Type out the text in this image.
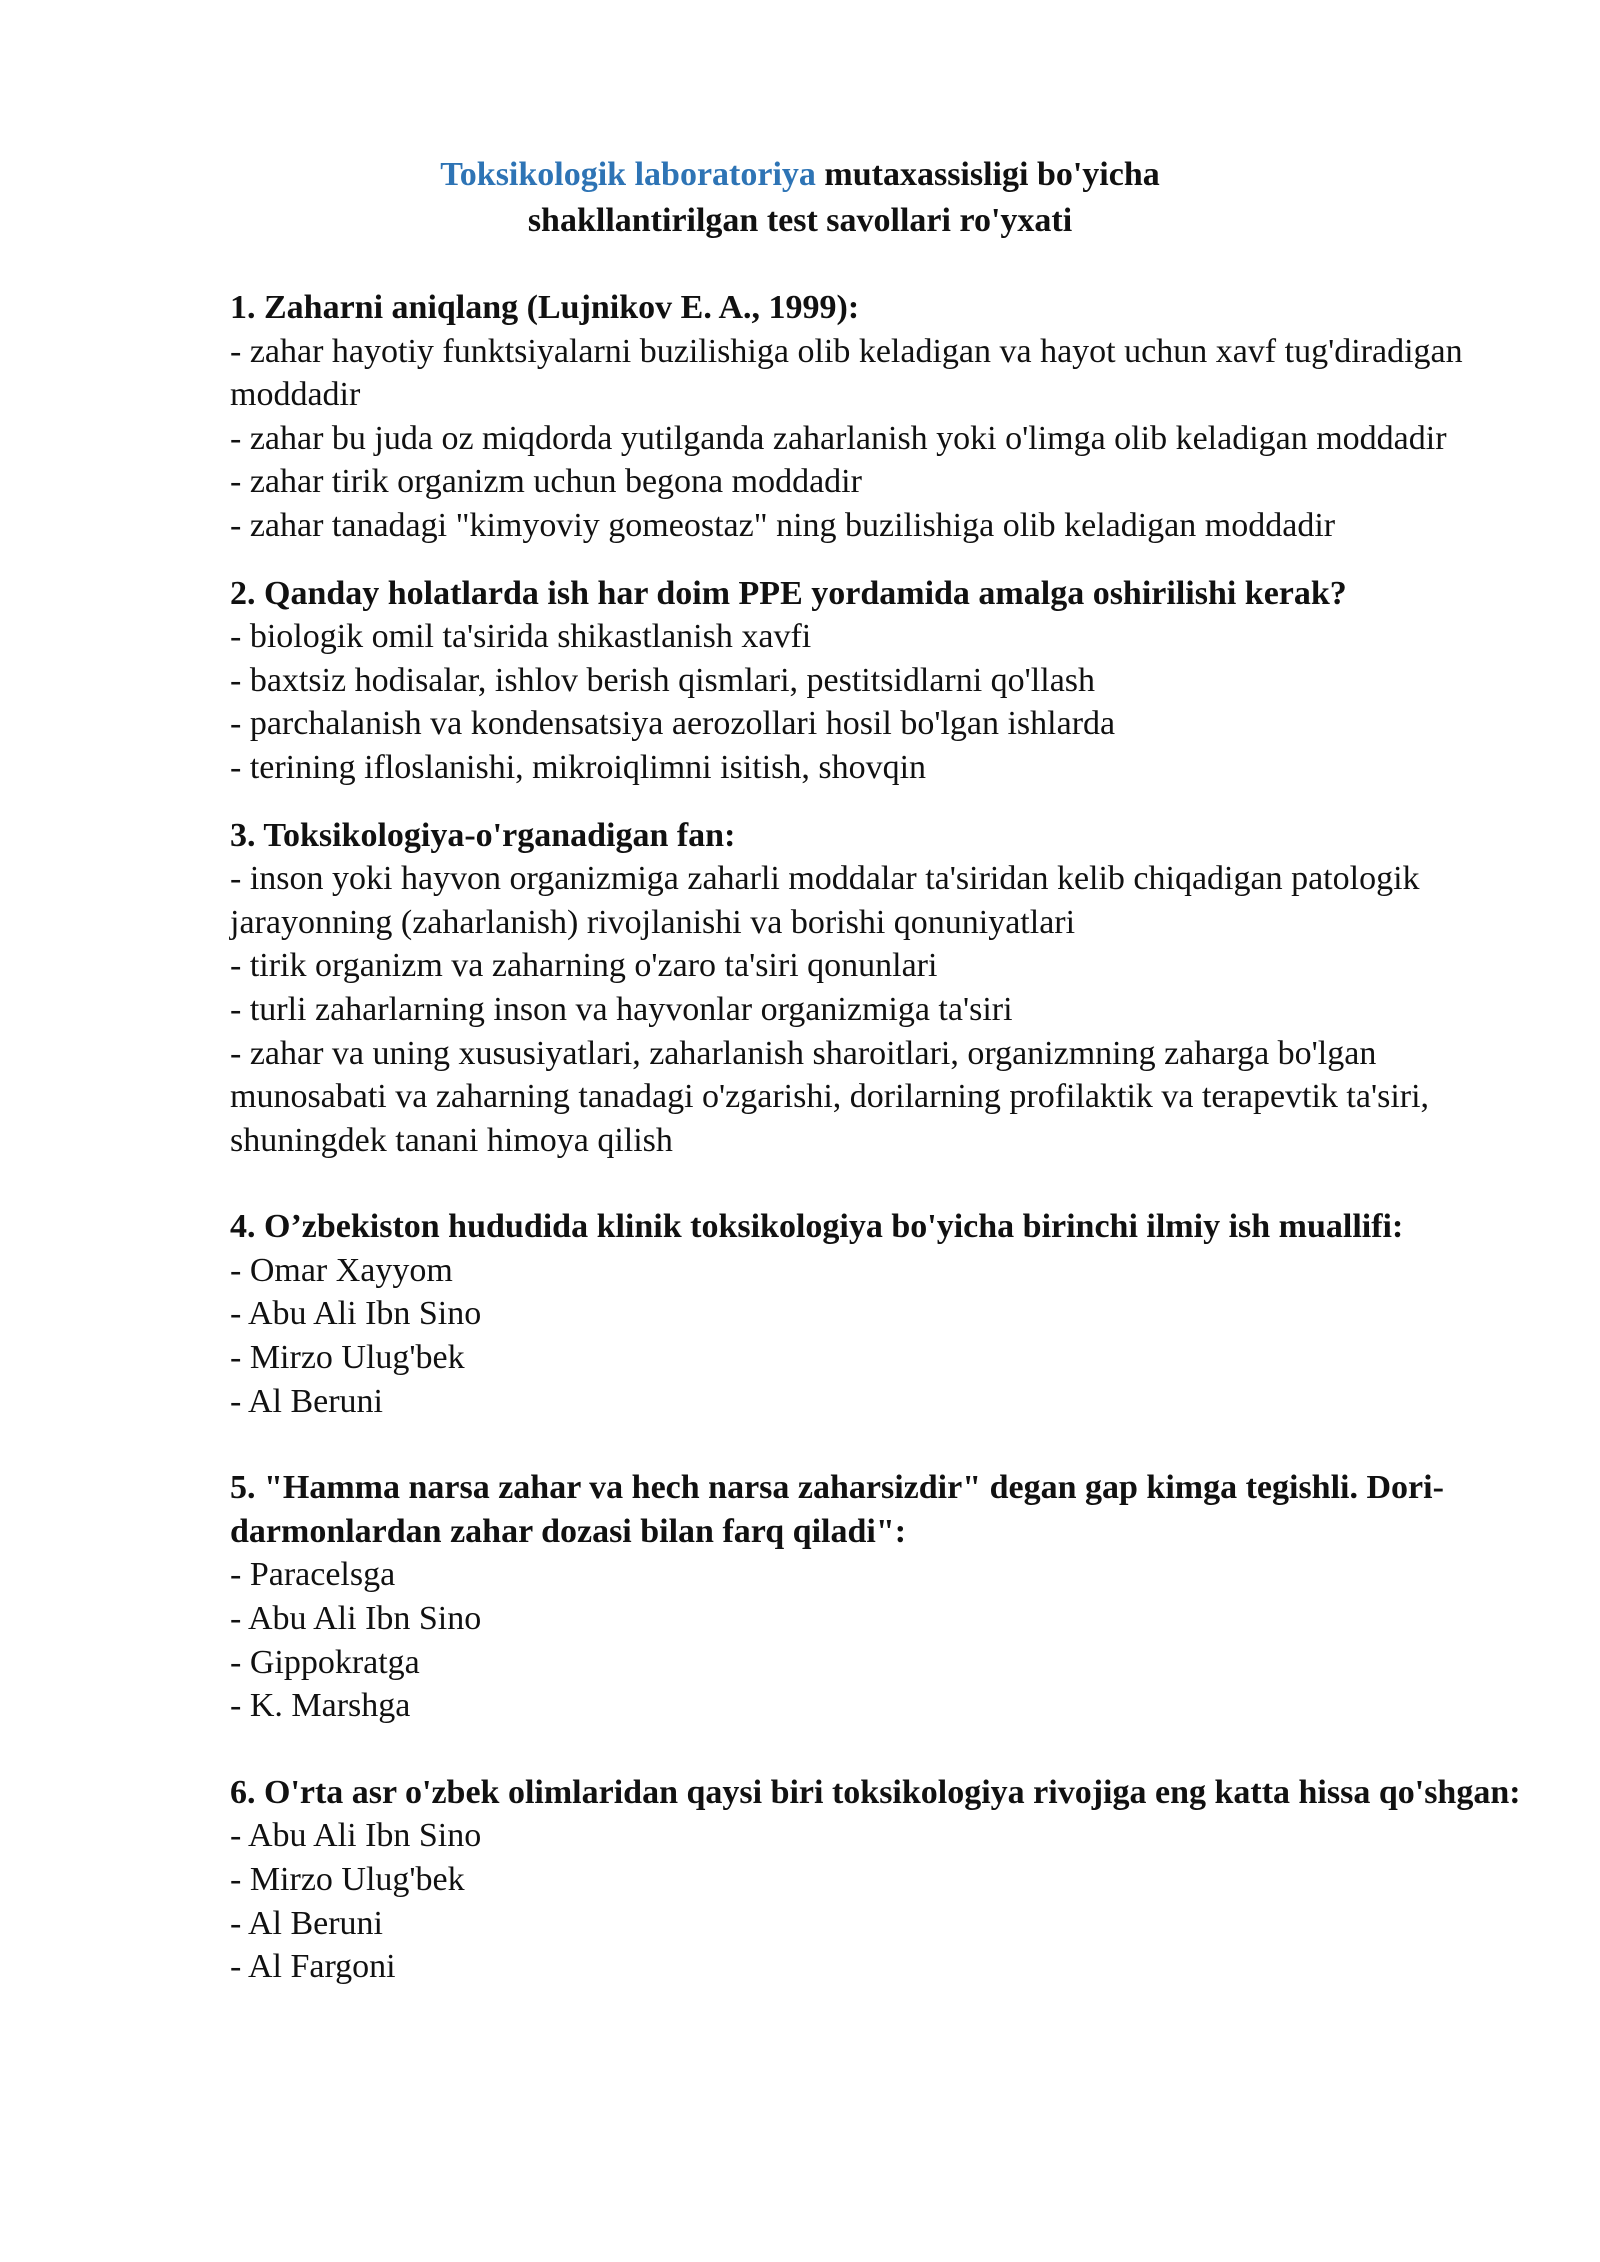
Toksikologik laboratoriya mutaxassisligi bo'yicha
shakllantirilgan test savollari ro'yxati

1. Zaharni aniqlang (Lujnikov E. A., 1999):

- zahar hayotiy funktsiyalarni buzilishiga olib keladigan va hayot uchun xavf tug'diradigan moddadir

- zahar bu juda oz miqdorda yutilganda zaharlanish yoki o'limga olib keladigan moddadir

- zahar tirik organizm uchun begona moddadir

- zahar tanadagi "kimyoviy gomeostaz" ning buzilishiga olib keladigan moddadir

2. Qanday holatlarda ish har doim PPE yordamida amalga oshirilishi kerak?

- biologik omil ta'sirida shikastlanish xavfi

- baxtsiz hodisalar, ishlov berish qismlari, pestitsidlarni qo'llash

- parchalanish va kondensatsiya aerozollari hosil bo'lgan ishlarda

- terining ifloslanishi, mikroiqlimni isitish, shovqin

3. Toksikologiya-o'rganadigan fan:

- inson yoki hayvon organizmiga zaharli moddalar ta'siridan kelib chiqadigan patologik jarayonning (zaharlanish) rivojlanishi va borishi qonuniyatlari

- tirik organizm va zaharning o'zaro ta'siri qonunlari

- turli zaharlarning inson va hayvonlar organizmiga ta'siri

- zahar va uning xususiyatlari, zaharlanish sharoitlari, organizmning zaharga bo'lgan munosabati va zaharning tanadagi o'zgarishi, dorilarning profilaktik va terapevtik ta'siri, shuningdek tanani himoya qilish

4. O’zbekiston hududida klinik toksikologiya bo'yicha birinchi ilmiy ish muallifi:

- Omar Xayyom

- Abu Ali Ibn Sino

- Mirzo Ulug'bek

- Al Beruni

5. "Hamma narsa zahar va hech narsa zaharsizdir" degan gap kimga tegishli. Dori-darmonlardan zahar dozasi bilan farq qiladi":

- Paracelsga

- Abu Ali Ibn Sino

- Gippokratga

- K. Marshga

6. O'rta asr o'zbek olimlaridan qaysi biri toksikologiya rivojiga eng katta hissa qo'shgan:

- Abu Ali Ibn Sino

- Mirzo Ulug'bek

- Al Beruni

- Al Fargoni
